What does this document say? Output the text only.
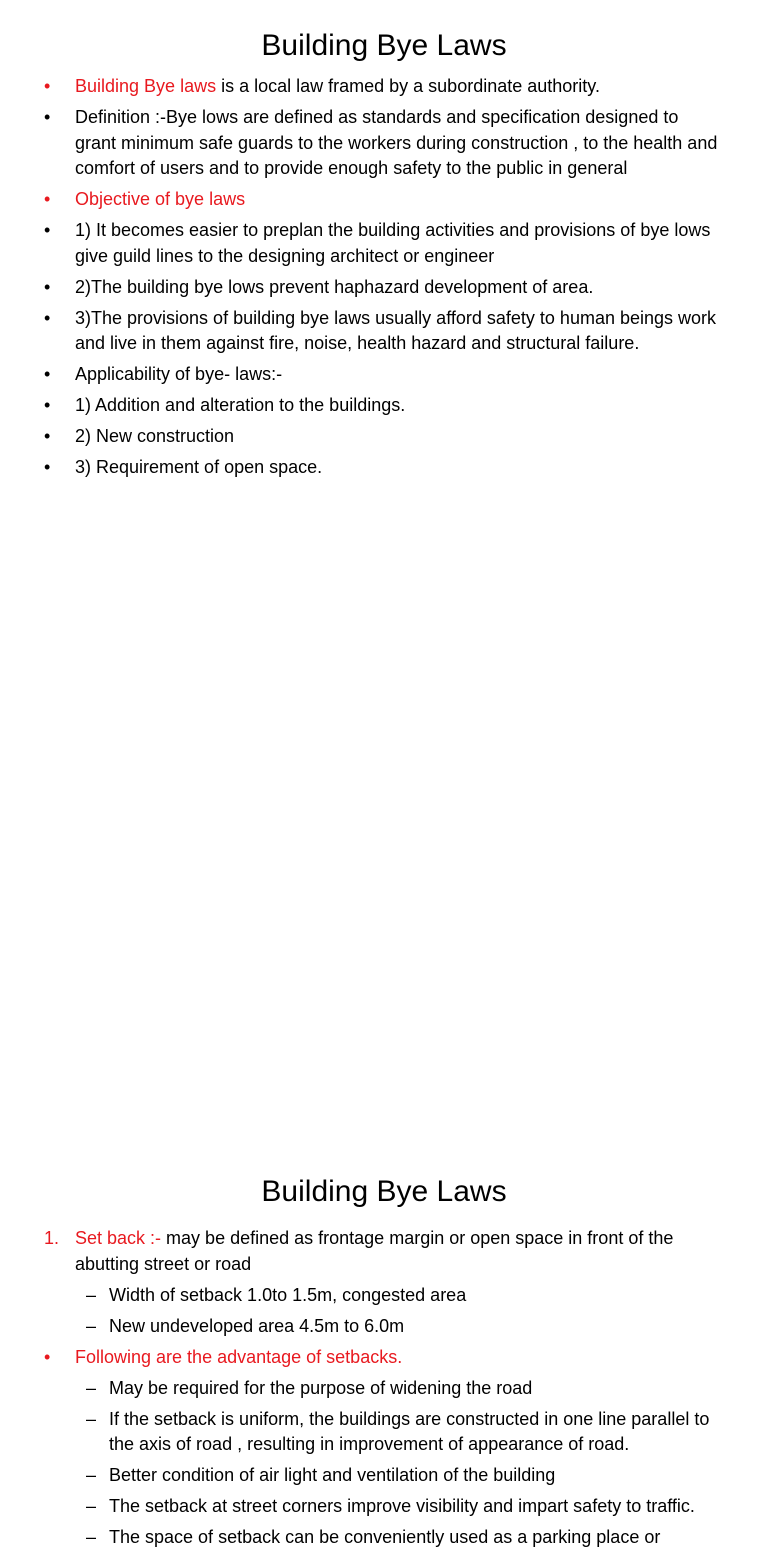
Building Bye Laws
•	Building Bye laws is a local law framed by a subordinate authority.
•	Definition :-Bye lows are defined as standards and specification designed to grant minimum safe guards to the workers during construction , to the health and comfort of users and to provide enough safety to the public in general
•	Objective of bye laws
•	1) It becomes easier to preplan the building activities and provisions of bye lows give guild lines to the designing architect or engineer
•	2)The building bye lows prevent haphazard development of area.
•	3)The provisions of building bye laws usually afford safety to human beings work and live in them against fire, noise, health hazard and structural failure.
•	Applicability of bye- laws:-
•	1) Addition and alteration to the buildings.
•	2) New construction
•	3) Requirement of open space.
Building Bye Laws
1. Set back :- may be defined as frontage margin or open space in front of the abutting street or road
– Width of setback 1.0to 1.5m, congested area
– New undeveloped area 4.5m to 6.0m
•	Following are the advantage of setbacks.
– May be required for the purpose of widening the road
– If the setback is uniform, the buildings are constructed in one line parallel to the axis of road , resulting in improvement of appearance of road.
– Better condition of air light and ventilation of the building
– The setback at street corners improve visibility and impart safety to traffic.
– The space of setback can be conveniently used as a parking place or
